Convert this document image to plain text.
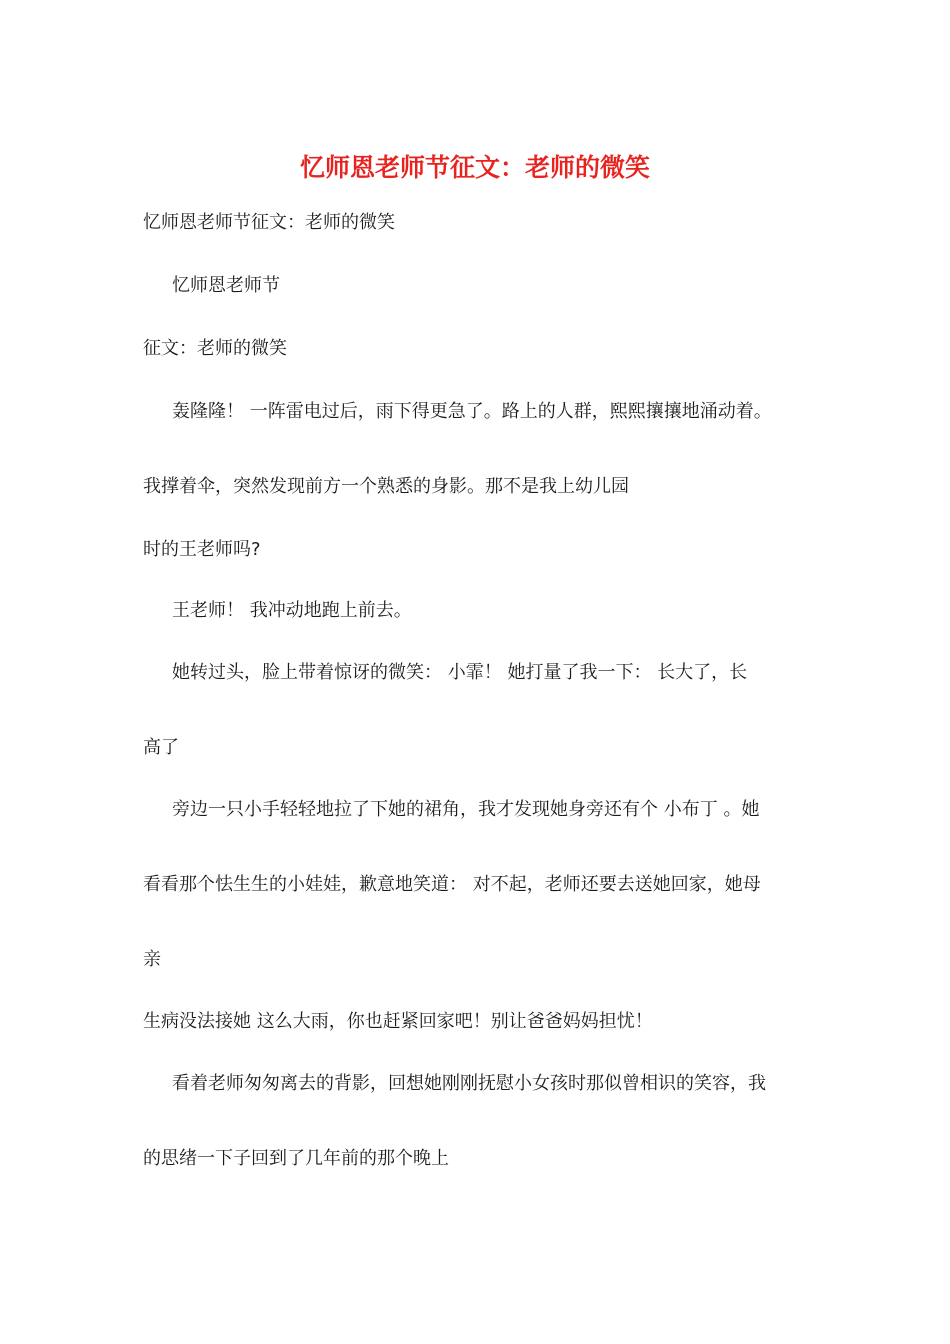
忆师恩老师节征文：老师的微笑

忆师恩老师节征文：老师的微笑

忆师恩老师节

征文：老师的微笑

轰隆隆！ 一阵雷电过后，雨下得更急了。路上的人群，熙熙攘攘地涌动着。

我撑着伞，突然发现前方一个熟悉的身影。那不是我上幼儿园

时的王老师吗?

王老师！ 我冲动地跑上前去。

她转过头，脸上带着惊讶的微笑： 小霏！ 她打量了我一下： 长大了，长

高了

旁边一只小手轻轻地拉了下她的裙角，我才发现她身旁还有个 小布丁 。她

看看那个怯生生的小娃娃，歉意地笑道： 对不起，老师还要去送她回家，她母

亲

生病没法接她 这么大雨，你也赶紧回家吧！别让爸爸妈妈担忧！

看着老师匆匆离去的背影，回想她刚刚抚慰小女孩时那似曾相识的笑容，我

的思绪一下子回到了几年前的那个晚上
